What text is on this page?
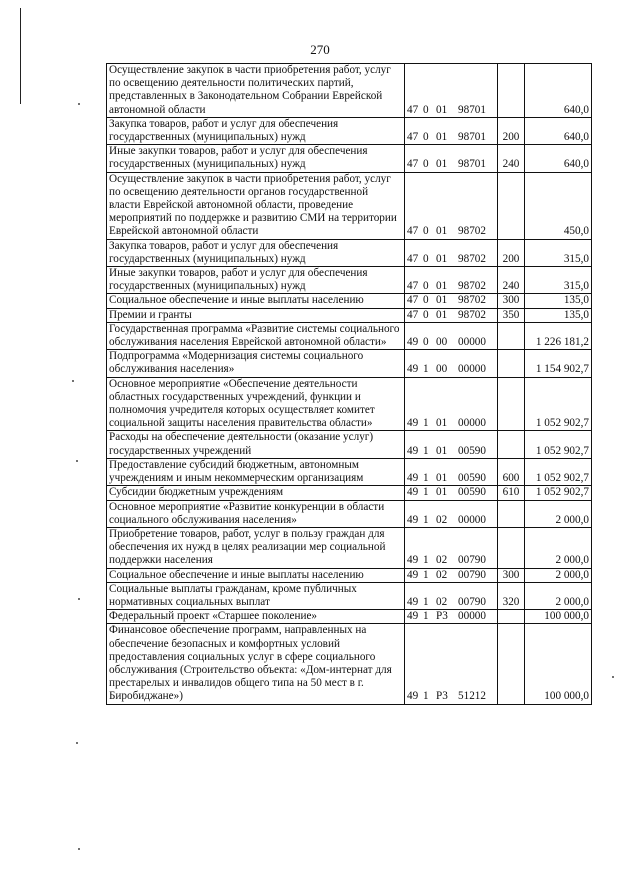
270
Осуществление закупок в части приобретения работ, услуг по освещению деятельности политических партий, представленных в Законодательном Собрании Еврейской автономной области	47 0 01 98701		640,0
Закупка товаров, работ и услуг для обеспечения государственных (муниципальных) нужд	47 0 01 98701	200	640,0
Иные закупки товаров, работ и услуг для обеспечения государственных (муниципальных) нужд	47 0 01 98701	240	640,0
Осуществление закупок в части приобретения работ, услуг по освещению деятельности органов государственной власти Еврейской автономной области, проведение мероприятий по поддержке и развитию СМИ на территории Еврейской автономной области	47 0 01 98702		450,0
Закупка товаров, работ и услуг для обеспечения государственных (муниципальных) нужд	47 0 01 98702	200	315,0
Иные закупки товаров, работ и услуг для обеспечения государственных (муниципальных) нужд	47 0 01 98702	240	315,0
Социальное обеспечение и иные выплаты населению	47 0 01 98702	300	135,0
Премии и гранты	47 0 01 98702	350	135,0
Государственная программа «Развитие системы социального обслуживания населения Еврейской автономной области»	49 0 00 00000		1 226 181,2
Подпрограмма «Модернизация системы социального обслуживания населения»	49 1 00 00000		1 154 902,7
Основное мероприятие «Обеспечение деятельности областных государственных учреждений, функции и полномочия учредителя которых осуществляет комитет социальной защиты населения правительства области»	49 1 01 00000		1 052 902,7
Расходы на обеспечение деятельности (оказание услуг) государственных учреждений	49 1 01 00590		1 052 902,7
Предоставление субсидий бюджетным, автономным учреждениям и иным некоммерческим организациям	49 1 01 00590	600	1 052 902,7
Субсидии бюджетным учреждениям	49 1 01 00590	610	1 052 902,7
Основное мероприятие «Развитие конкуренции в области социального обслуживания населения»	49 1 02 00000		2 000,0
Приобретение товаров, работ, услуг в пользу граждан для обеспечения их нужд в целях реализации мер социальной поддержки населения	49 1 02 00790		2 000,0
Социальное обеспечение и иные выплаты населению	49 1 02 00790	300	2 000,0
Социальные выплаты гражданам, кроме публичных нормативных социальных выплат	49 1 02 00790	320	2 000,0
Федеральный проект «Старшее поколение»	49 1 P3 00000		100 000,0
Финансовое обеспечение программ, направленных на обеспечение безопасных и комфортных условий предоставления социальных услуг в сфере социального обслуживания (Строительство объекта: «Дом-интернат для престарелых и инвалидов общего типа на 50 мест в г. Биробиджане»)	49 1 P3 51212		100 000,0
